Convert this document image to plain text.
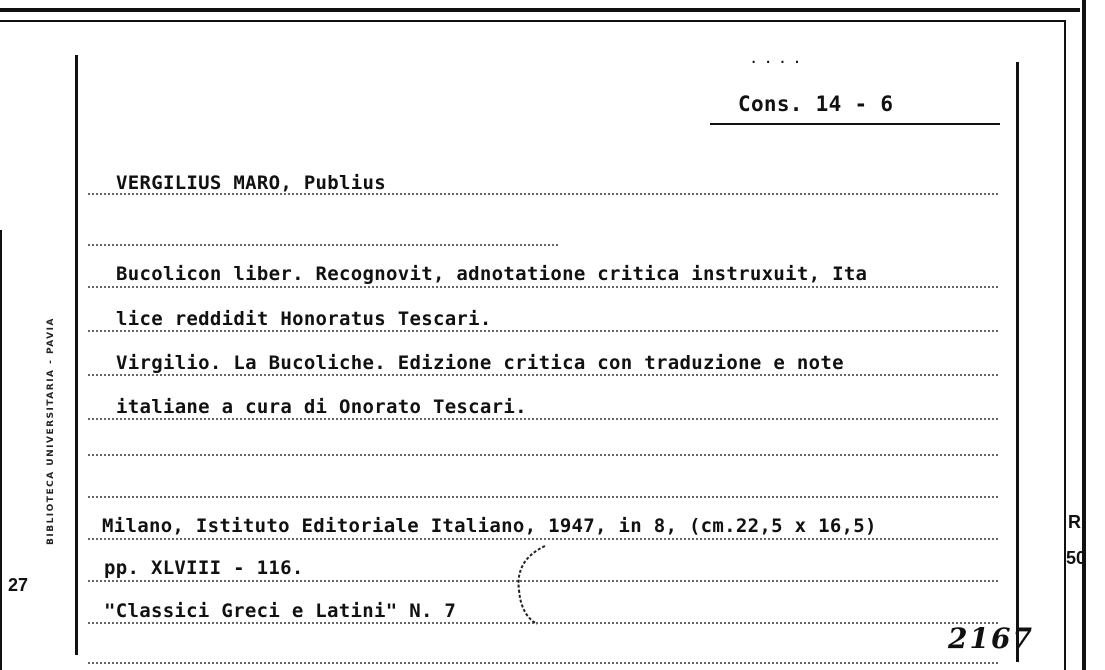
BIBLIOTECA UNIVERSITARIA - PAVIA
. . . .
Cons. 14 - 6
VERGILIUS MARO, Publius
Bucolicon liber. Recognovit, adnotatione critica instruxuit, Ita
lice reddidit Honoratus Tescari.
Virgilio. La Bucoliche. Edizione critica con traduzione e note
italiane a cura di Onorato Tescari.
Milano, Istituto Editoriale Italiano, 1947, in 8, (cm.22,5 x 16,5)
pp. XLVIII - 116.
"Classici Greci e Latini" N. 7
27
R.
50
2167
